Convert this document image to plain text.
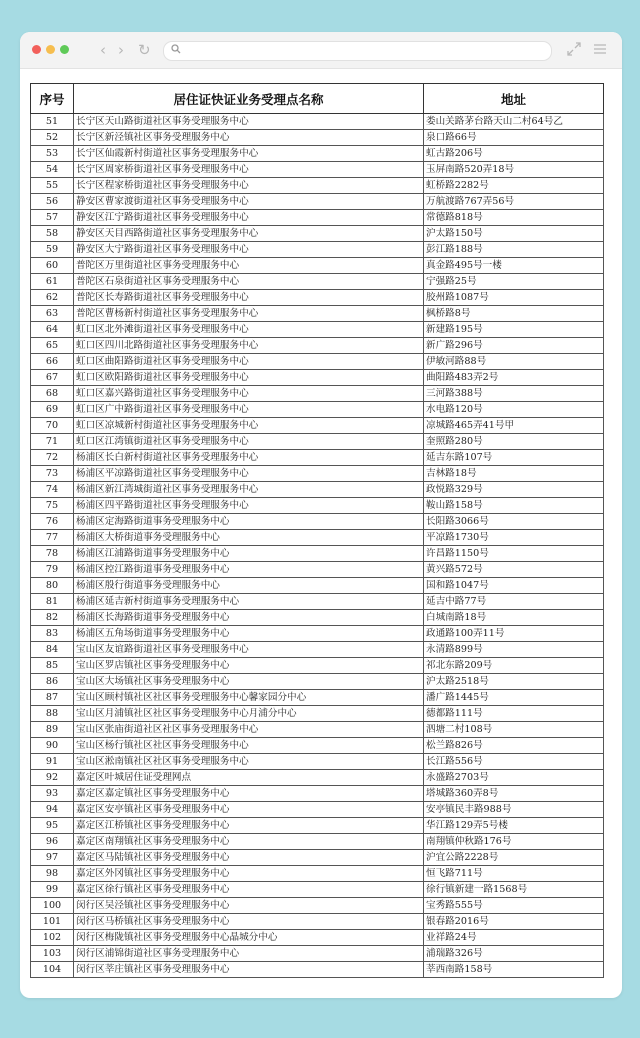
‹ › ↻
序号	居住证快证业务受理点名称	地址
51	长宁区天山路街道社区事务受理服务中心	娄山关路茅台路天山二村64号乙
52	长宁区新泾镇社区事务受理服务中心	泉口路66号
53	长宁区仙霞新村街道社区事务受理服务中心	虹古路206号
54	长宁区周家桥街道社区事务受理服务中心	玉屏南路520弄18号
55	长宁区程家桥街道社区事务受理服务中心	虹桥路2282号
56	静安区曹家渡街道社区事务受理服务中心	万航渡路767弄56号
57	静安区江宁路街道社区事务受理服务中心	常德路818号
58	静安区天目西路街道社区事务受理服务中心	沪太路150号
59	静安区大宁路街道社区事务受理服务中心	彭江路188号
60	普陀区万里街道社区事务受理服务中心	真金路495号一楼
61	普陀区石泉街道社区事务受理服务中心	宁强路25号
62	普陀区长寿路街道社区事务受理服务中心	胶州路1087号
63	普陀区曹杨新村街道社区事务受理服务中心	枫桥路8号
64	虹口区北外滩街道社区事务受理服务中心	新建路195号
65	虹口区四川北路街道社区事务受理服务中心	新广路296号
66	虹口区曲阳路街道社区事务受理服务中心	伊敏河路88号
67	虹口区欧阳路街道社区事务受理服务中心	曲阳路483弄2号
68	虹口区嘉兴路街道社区事务受理服务中心	三河路388号
69	虹口区广中路街道社区事务受理服务中心	水电路120号
70	虹口区凉城新村街道社区事务受理服务中心	凉城路465弄41号甲
71	虹口区江湾镇街道社区事务受理服务中心	奎照路280号
72	杨浦区长白新村街道社区事务受理服务中心	延吉东路107号
73	杨浦区平凉路街道社区事务受理服务中心	吉林路18号
74	杨浦区新江湾城街道社区事务受理服务中心	政悦路329号
75	杨浦区四平路街道社区事务受理服务中心	鞍山路158号
76	杨浦区定海路街道事务受理服务中心	长阳路3066号
77	杨浦区大桥街道事务受理服务中心	平凉路1730号
78	杨浦区江浦路街道事务受理服务中心	许昌路1150号
79	杨浦区控江路街道事务受理服务中心	黄兴路572号
80	杨浦区殷行街道事务受理服务中心	国和路1047号
81	杨浦区延吉新村街道事务受理服务中心	延吉中路77号
82	杨浦区长海路街道事务受理服务中心	白城南路18号
83	杨浦区五角场街道事务受理服务中心	政通路100弄11号
84	宝山区友谊路街道社区事务受理服务中心	永清路899号
85	宝山区罗店镇社区事务受理服务中心	祁北东路209号
86	宝山区大场镇社区事务受理服务中心	沪太路2518号
87	宝山区顾村镇社区社区事务受理服务中心馨家园分中心	潘广路1445号
88	宝山区月浦镇社区社区事务受理服务中心月浦分中心	德都路111号
89	宝山区张庙街道社区社区事务受理服务中心	泗塘二村108号
90	宝山区杨行镇社区社区事务受理服务中心	松兰路826号
91	宝山区淞南镇社区社区事务受理服务中心	长江路556号
92	嘉定区叶城居住证受理网点	永盛路2703号
93	嘉定区嘉定镇社区事务受理服务中心	塔城路360弄8号
94	嘉定区安亭镇社区事务受理服务中心	安亭镇民丰路988号
95	嘉定区江桥镇社区事务受理服务中心	华江路129弄5号楼
96	嘉定区南翔镇社区事务受理服务中心	南翔镇仲秋路176号
97	嘉定区马陆镇社区事务受理服务中心	沪宜公路2228号
98	嘉定区外冈镇社区事务受理服务中心	恒飞路711号
99	嘉定区徐行镇社区事务受理服务中心	徐行镇新建一路1568号
100	闵行区吴泾镇社区事务受理服务中心	宝秀路555号
101	闵行区马桥镇社区事务受理服务中心	银春路2016号
102	闵行区梅陇镇社区事务受理服务中心晶城分中心	业祥路24号
103	闵行区浦锦街道社区事务受理服务中心	浦瑞路326号
104	闵行区莘庄镇社区事务受理服务中心	莘西南路158号
